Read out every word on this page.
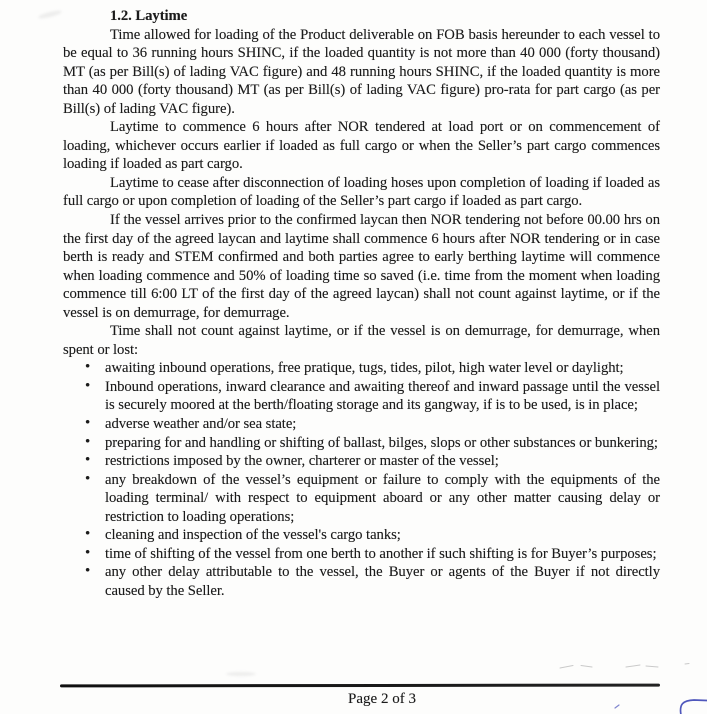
1.2. Laytime

Time allowed for loading of the Product deliverable on FOB basis hereunder to each vessel to be equal to 36 running hours SHINC, if the loaded quantity is not more than 40 000 (forty thousand) MT (as per Bill(s) of lading VAC figure) and 48 running hours SHINC, if the loaded quantity is more than 40 000 (forty thousand) MT (as per Bill(s) of lading VAC figure) pro-rata for part cargo (as per Bill(s) of lading VAC figure).

Laytime to commence 6 hours after NOR tendered at load port or on commencement of loading, whichever occurs earlier if loaded as full cargo or when the Seller’s part cargo commences loading if loaded as part cargo.

Laytime to cease after disconnection of loading hoses upon completion of loading if loaded as full cargo or upon completion of loading of the Seller’s part cargo if loaded as part cargo.

If the vessel arrives prior to the confirmed laycan then NOR tendering not before 00.00 hrs on the first day of the agreed laycan and laytime shall commence 6 hours after NOR tendering or in case berth is ready and STEM confirmed and both parties agree to early berthing laytime will commence when loading commence and 50% of loading time so saved (i.e. time from the moment when loading commence till 6:00 LT of the first day of the agreed laycan) shall not count against laytime, or if the vessel is on demurrage, for demurrage.

Time shall not count against laytime, or if the vessel is on demurrage, for demurrage, when spent or lost:

• awaiting inbound operations, free pratique, tugs, tides, pilot, high water level or daylight;
• Inbound operations, inward clearance and awaiting thereof and inward passage until the vessel is securely moored at the berth/floating storage and its gangway, if is to be used, is in place;
• adverse weather and/or sea state;
• preparing for and handling or shifting of ballast, bilges, slops or other substances or bunkering;
• restrictions imposed by the owner, charterer or master of the vessel;
• any breakdown of the vessel’s equipment or failure to comply with the equipments of the loading terminal/ with respect to equipment aboard or any other matter causing delay or restriction to loading operations;
• cleaning and inspection of the vessel's cargo tanks;
• time of shifting of the vessel from one berth to another if such shifting is for Buyer’s purposes;
• any other delay attributable to the vessel, the Buyer or agents of the Buyer if not directly caused by the Seller.
Page 2 of 3
